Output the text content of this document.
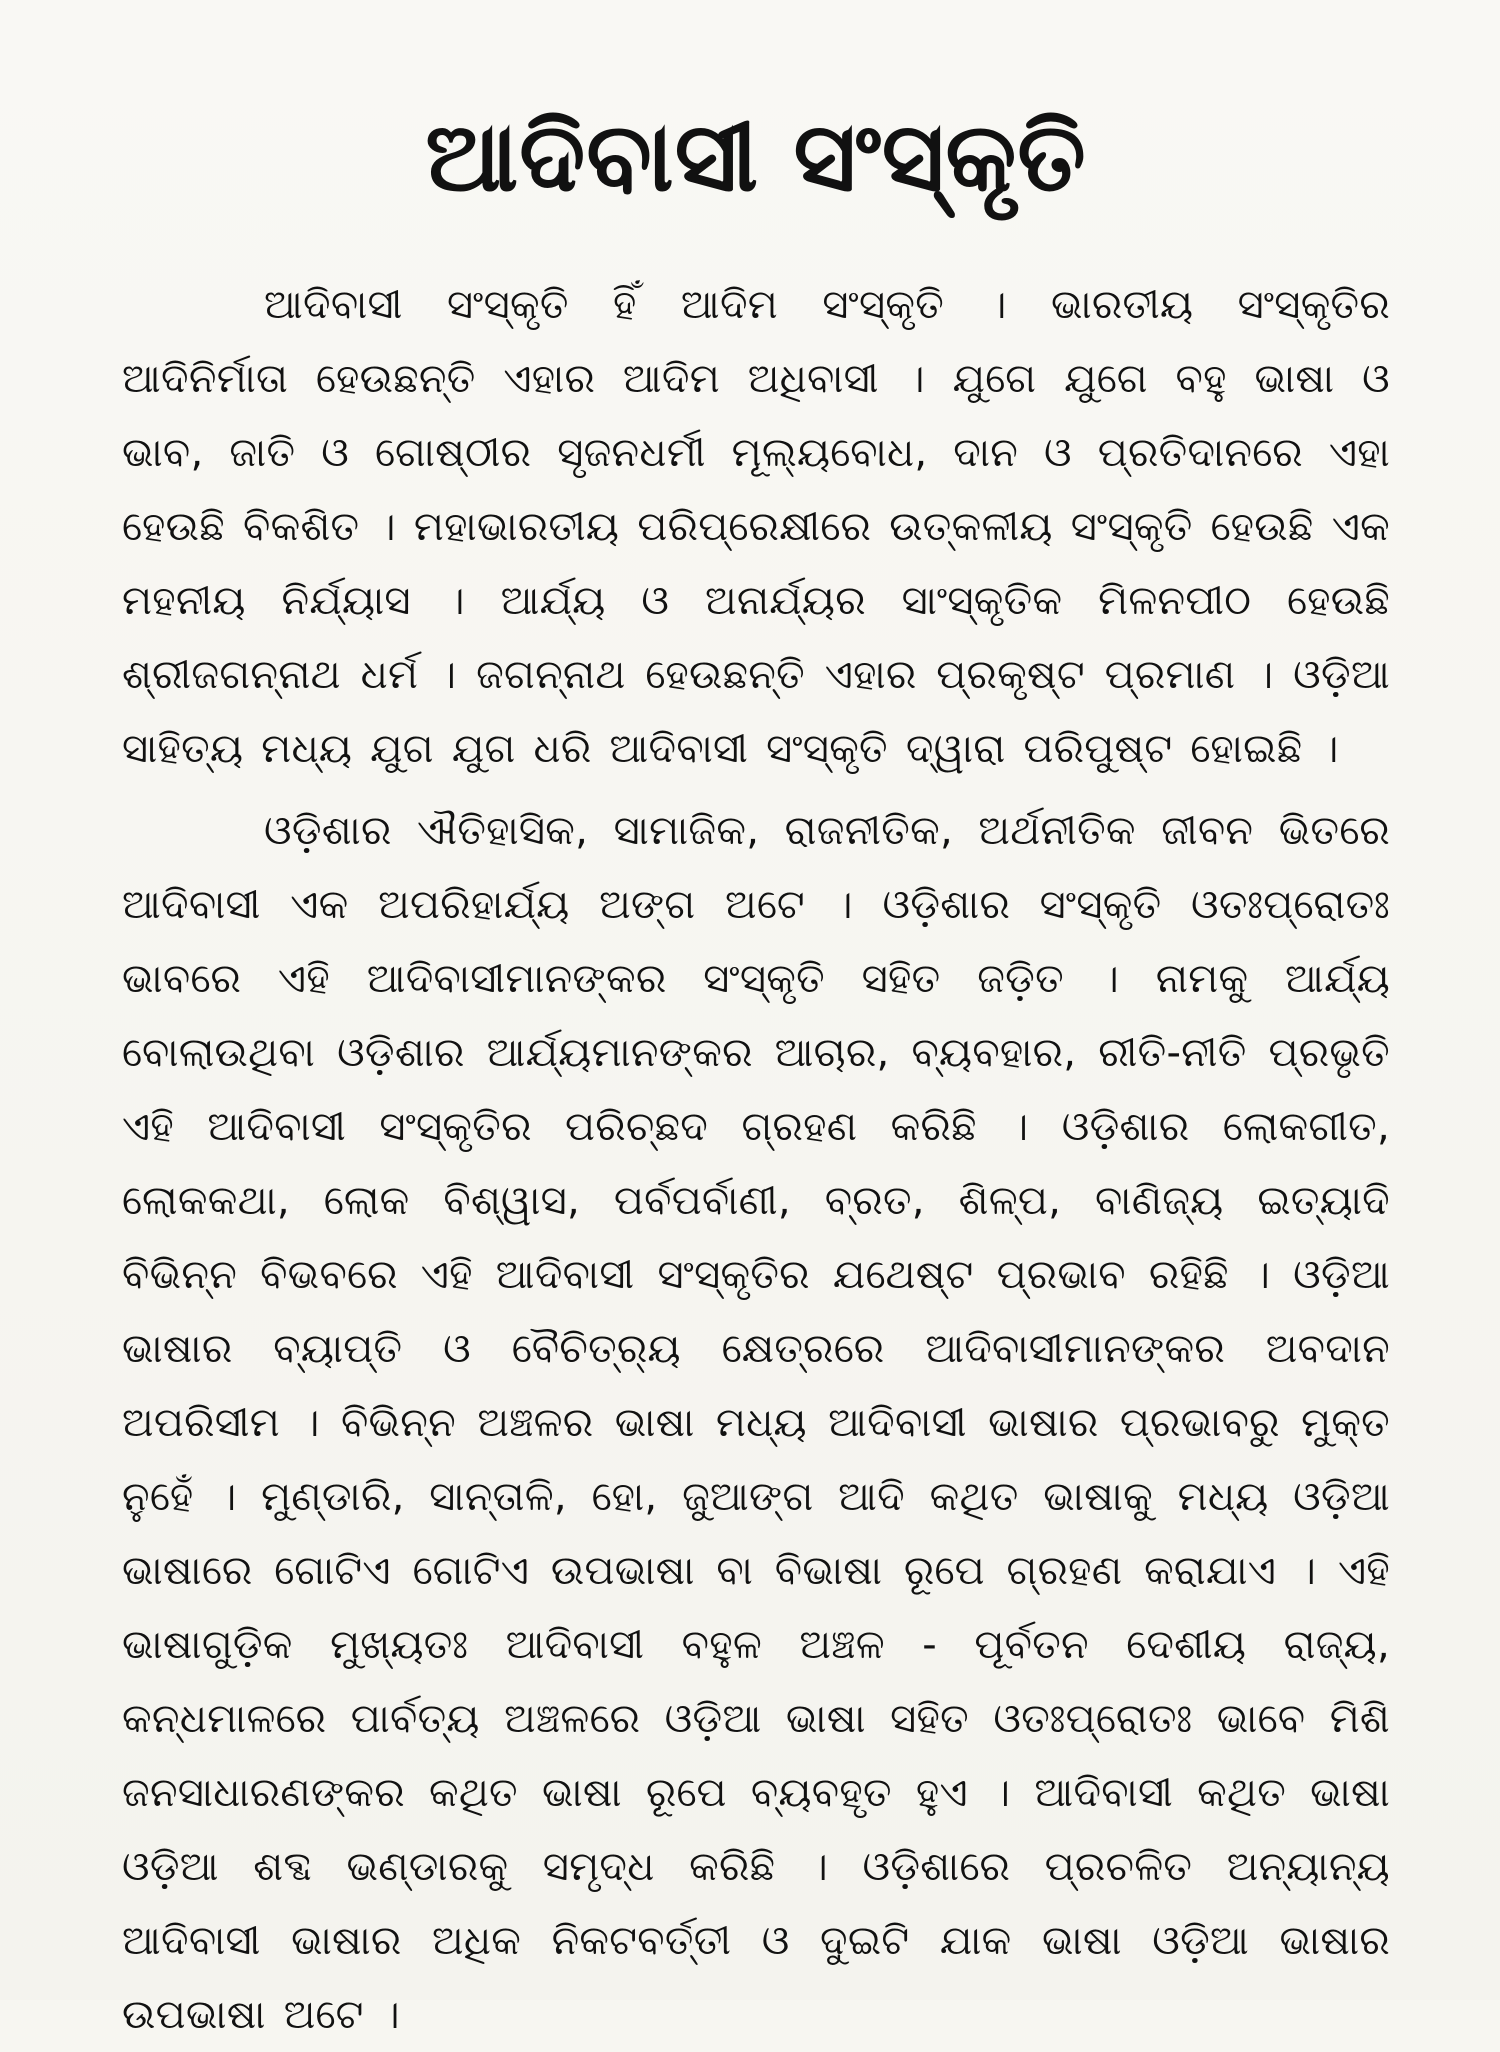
ଆଦିବାସୀ ସଂସ୍କୃତି

ଆଦିବାସୀ ସଂସ୍କୃତି ହିଁ ଆଦିମ ସଂସ୍କୃତି । ଭାରତୀୟ ସଂସ୍କୃତିର ଆଦିନିର୍ମାତା ହେଉଛନ୍ତି ଏହାର ଆଦିମ ଅଧିବାସୀ । ଯୁଗେ ଯୁଗେ ବହୁ ଭାଷା ଓ ଭାବ, ଜାତି ଓ ଗୋଷ୍ଠୀର ସୃଜନଧର୍ମୀ ମୂଲ୍ୟବୋଧ, ଦାନ ଓ ପ୍ରତିଦାନରେ ଏହା ହେଉଛି ବିକଶିତ । ମହାଭାରତୀୟ ପରିପ୍ରେକ୍ଷୀରେ ଉତ୍କଳୀୟ ସଂସ୍କୃତି ହେଉଛି ଏକ ମହନୀୟ ନିର୍ଯ୍ୟାସ । ଆର୍ଯ୍ୟ ଓ ଅନାର୍ଯ୍ୟର ସାଂସ୍କୃତିକ ମିଳନପୀଠ ହେଉଛି ଶ୍ରୀଜଗନ୍ନାଥ ଧର୍ମ । ଜଗନ୍ନାଥ ହେଉଛନ୍ତି ଏହାର ପ୍ରକୃଷ୍ଟ ପ୍ରମାଣ । ଓଡ଼ିଆ ସାହିତ୍ୟ ମଧ୍ୟ ଯୁଗ ଯୁଗ ଧରି ଆଦିବାସୀ ସଂସ୍କୃତି ଦ୍ୱାରା ପରିପୁଷ୍ଟ ହୋଇଛି ।

ଓଡ଼ିଶାର ଐତିହାସିକ, ସାମାଜିକ, ରାଜନୀତିକ, ଅର୍ଥନୀତିକ ଜୀବନ ଭିତରେ ଆଦିବାସୀ ଏକ ଅପରିହାର୍ଯ୍ୟ ଅଙ୍ଗ ଅଟେ । ଓଡ଼ିଶାର ସଂସ୍କୃତି ଓତଃପ୍ରୋତଃ ଭାବରେ ଏହି ଆଦିବାସୀମାନଙ୍କର ସଂସ୍କୃତି ସହିତ ଜଡ଼ିତ । ନାମକୁ ଆର୍ଯ୍ୟ ବୋଲାଉଥିବା ଓଡ଼ିଶାର ଆର୍ଯ୍ୟମାନଙ୍କର ଆଚାର, ବ୍ୟବହାର, ରୀତି-ନୀତି ପ୍ରଭୃତି ଏହି ଆଦିବାସୀ ସଂସ୍କୃତିର ପରିଚ୍ଛଦ ଗ୍ରହଣ କରିଛି । ଓଡ଼ିଶାର ଲୋକଗୀତ, ଲୋକକଥା, ଲୋକ ବିଶ୍ୱାସ, ପର୍ବପର୍ବାଣୀ, ବ୍ରତ, ଶିଳ୍ପ, ବାଣିଜ୍ୟ ଇତ୍ୟାଦି ବିଭିନ୍ନ ବିଭବରେ ଏହି ଆଦିବାସୀ ସଂସ୍କୃତିର ଯଥେଷ୍ଟ ପ୍ରଭାବ ରହିଛି । ଓଡ଼ିଆ ଭାଷାର ବ୍ୟାପ୍ତି ଓ ବୈଚିତ୍ର୍ୟ କ୍ଷେତ୍ରରେ ଆଦିବାସୀମାନଙ୍କର ଅବଦାନ ଅପରିସୀମ । ବିଭିନ୍ନ ଅଞ୍ଚଳର ଭାଷା ମଧ୍ୟ ଆଦିବାସୀ ଭାଷାର ପ୍ରଭାବରୁ ମୁକ୍ତ ନୁହେଁ । ମୁଣ୍ଡାରି, ସାନ୍ତାଳି, ହୋ, ଜୁଆଙ୍ଗ ଆଦି କଥିତ ଭାଷାକୁ ମଧ୍ୟ ଓଡ଼ିଆ ଭାଷାରେ ଗୋଟିଏ ଗୋଟିଏ ଉପଭାଷା ବା ବିଭାଷା ରୂପେ ଗ୍ରହଣ କରାଯାଏ । ଏହି ଭାଷାଗୁଡ଼ିକ ମୁଖ୍ୟତଃ ଆଦିବାସୀ ବହୁଳ ଅଞ୍ଚଳ - ପୂର୍ବତନ ଦେଶୀୟ ରାଜ୍ୟ, କନ୍ଧମାଳରେ ପାର୍ବତ୍ୟ ଅଞ୍ଚଳରେ ଓଡ଼ିଆ ଭାଷା ସହିତ ଓତଃପ୍ରୋତଃ ଭାବେ ମିଶି ଜନସାଧାରଣଙ୍କର କଥିତ ଭାଷା ରୂପେ ବ୍ୟବହୃତ ହୁଏ । ଆଦିବାସୀ କଥିତ ଭାଷା ଓଡ଼ିଆ ଶବ୍ଦ ଭଣ୍ଡାରକୁ ସମୃଦ୍ଧ କରିଛି । ଓଡ଼ିଶାରେ ପ୍ରଚଳିତ ଅନ୍ୟାନ୍ୟ ଆଦିବାସୀ ଭାଷାର ଅଧିକ ନିକଟବର୍ତ୍ତୀ ଓ ଦୁଇଟି ଯାକ ଭାଷା ଓଡ଼ିଆ ଭାଷାର ଉପଭାଷା ଅଟେ ।
